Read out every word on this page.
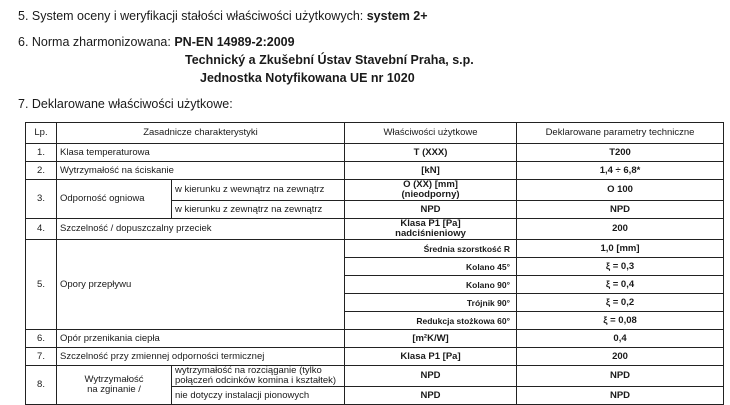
5. System oceny i weryfikacji stałości właściwości użytkowych: system 2+
6. Norma zharmonizowana: PN-EN 14989-2:2009
Technický a Zkušební Ústav Stavební Praha, s.p.
Jednostka Notyfikowana UE nr 1020
7. Deklarowane właściwości użytkowe:
Lp.	Zasadnicze charakterystyki		Właściwości użytkowe	Deklarowane parametry techniczne
1.	Klasa temperaturowa		T (XXX)	T200
2.	Wytrzymałość na ściskanie		[kN]	1,4 ÷ 6,8*
3.	Odporność ogniowa	w kierunku z wewnątrz na zewnątrz	O (XX) [mm]
(nieodporny)	O 100
		w kierunku z zewnątrz na zewnątrz	NPD	NPD
4.	Szczelność / dopuszczalny przeciek		Klasa P1 [Pa]
nadciśnieniowy	200
5.	Opory przepływu		Średnia szorstkość R	1,0 [mm]
			Kolano 45°	ξ = 0,3
			Kolano 90°	ξ = 0,4
			Trójnik 90°	ξ = 0,2
			Redukcja stożkowa 60°	ξ = 0,08
6.	Opór przenikania ciepła		[m²K/W]	0,4
7.	Szczelność przy zmiennej odporności termicznej		Klasa P1 [Pa]	200
8.	Wytrzymałość
na zginanie /	wytrzymałość na rozciąganie (tylko
połączeń odcinków komina i kształtek)	NPD	NPD
		nie dotyczy instalacji pionowych	NPD	NPD
